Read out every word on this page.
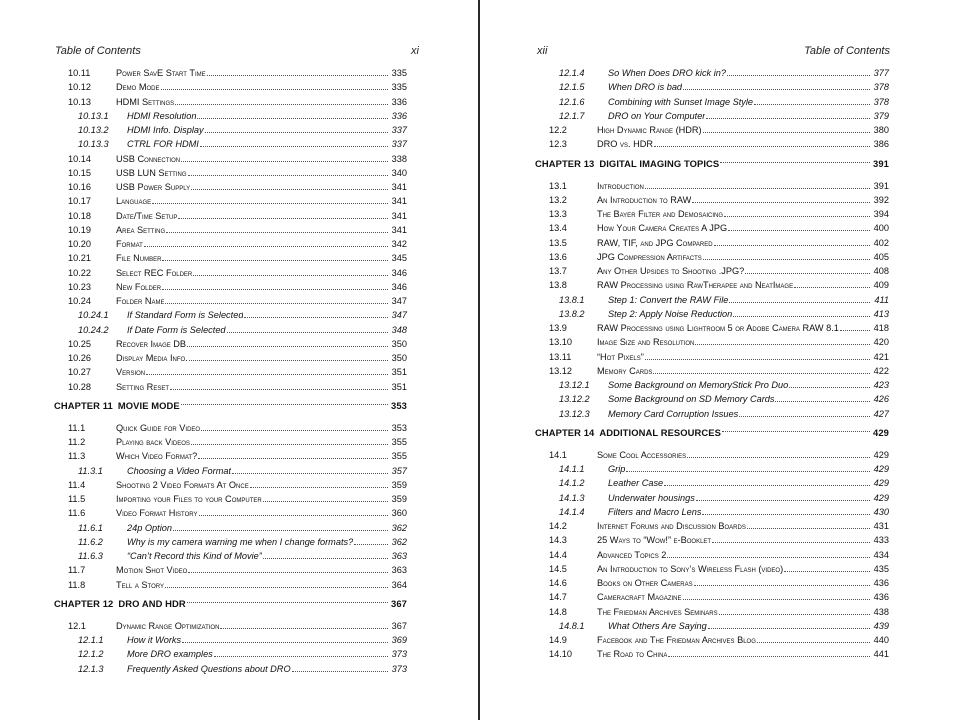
Table of Contents	xi
10.11	Power SavE Start Time	335
10.12	Demo Mode	335
10.13	HDMI Settings	336
10.13.1	HDMI Resolution	336
10.13.2	HDMI Info. Display	337
10.13.3	CTRL FOR HDMI	337
10.14	USB Connection	338
10.15	USB LUN Setting	340
10.16	USB Power Supply	341
10.17	Language	341
10.18	Date/Time Setup	341
10.19	Area Setting	341
10.20	Format	342
10.21	File Number	345
10.22	Select REC Folder	346
10.23	New Folder	346
10.24	Folder Name	347
10.24.1	If Standard Form is Selected	347
10.24.2	If Date Form is Selected	348
10.25	Recover Image DB	350
10.26	Display Media Info.	350
10.27	Version	351
10.28	Setting Reset	351
CHAPTER 11 MOVIE MODE	353
11.1	Quick Guide for Video	353
11.2	Playing back Videos	355
11.3	Which Video Format?	355
11.3.1	Choosing a Video Format	357
11.4	Shooting 2 Video Formats At Once	359
11.5	Importing your Files to your Computer	359
11.6	Video Format History	360
11.6.1	24p Option	362
11.6.2	Why is my camera warning me when I change formats?	362
11.6.3	“Can’t Record this Kind of Movie”	363
11.7	Motion Shot Video	363
11.8	Tell a Story	364
CHAPTER 12 DRO AND HDR	367
12.1	Dynamic Range Optimization	367
12.1.1	How it Works	369
12.1.2	More DRO examples	373
12.1.3	Frequently Asked Questions about DRO	373
xii	Table of Contents
12.1.4	So When Does DRO kick in?	377
12.1.5	When DRO is bad	378
12.1.6	Combining with Sunset Image Style	378
12.1.7	DRO on Your Computer	379
12.2	High Dynamic Range (HDR)	380
12.3	DRO vs. HDR	386
CHAPTER 13 DIGITAL IMAGING TOPICS	391
13.1	Introduction	391
13.2	An Introduction to RAW	392
13.3	The Bayer Filter and Demosaicing	394
13.4	How Your Camera Creates A JPG	400
13.5	RAW, TIF, and JPG Compared	402
13.6	JPG Compression Artifacts	405
13.7	Any Other Upsides to Shooting .JPG?	408
13.8	RAW Processing using RawTherapee and NeatImage	409
13.8.1	Step 1: Convert the RAW File	411
13.8.2	Step 2: Apply Noise Reduction	413
13.9	RAW Processing using Lightroom 5 or Adobe Camera RAW 8.1	418
13.10	Image Size and Resolution	420
13.11	“Hot Pixels”	421
13.12	Memory Cards	422
13.12.1	Some Background on MemoryStick Pro Duo	423
13.12.2	Some Background on SD Memory Cards	426
13.12.3	Memory Card Corruption Issues	427
CHAPTER 14 ADDITIONAL RESOURCES	429
14.1	Some Cool Accessories	429
14.1.1	Grip	429
14.1.2	Leather Case	429
14.1.3	Underwater housings	429
14.1.4	Filters and Macro Lens	430
14.2	Internet Forums and Discussion Boards	431
14.3	25 Ways to “Wow!” e-Booklet	433
14.4	Advanced Topics 2	434
14.5	An Introduction to Sony’s Wireless Flash (video)	435
14.6	Books on Other Cameras	436
14.7	Cameracraft Magazine	436
14.8	The Friedman Archives Seminars	438
14.8.1	What Others Are Saying	439
14.9	Facebook and The Friedman Archives Blog	440
14.10	The Road to China	441
